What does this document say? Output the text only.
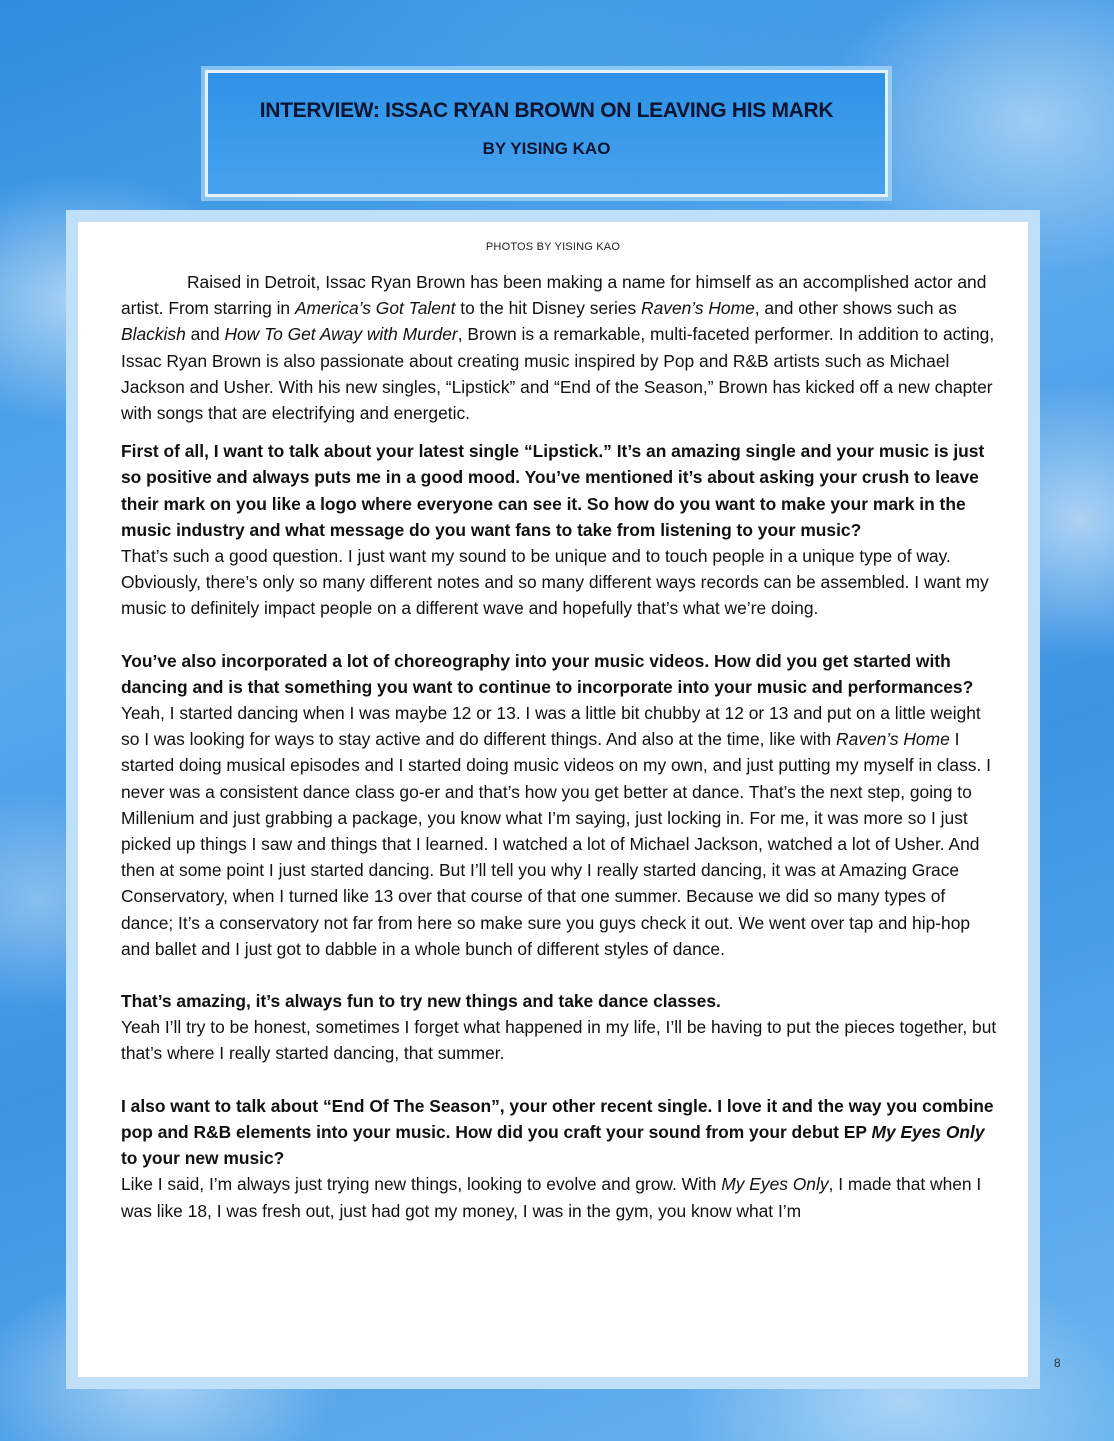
INTERVIEW: ISSAC RYAN BROWN ON LEAVING HIS MARK
BY YISING KAO
PHOTOS BY YISING KAO

Raised in Detroit, Issac Ryan Brown has been making a name for himself as an accomplished actor and artist. From starring in America’s Got Talent to the hit Disney series Raven’s Home, and other shows such as Blackish and How To Get Away with Murder, Brown is a remarkable, multi-faceted performer. In addition to acting, Issac Ryan Brown is also passionate about creating music inspired by Pop and R&B artists such as Michael Jackson and Usher. With his new singles, “Lipstick” and “End of the Season,” Brown has kicked off a new chapter with songs that are electrifying and energetic.

First of all, I want to talk about your latest single “Lipstick.” It’s an amazing single and your music is just so positive and always puts me in a good mood. You’ve mentioned it’s about asking your crush to leave their mark on you like a logo where everyone can see it. So how do you want to make your mark in the music industry and what message do you want fans to take from listening to your music?

That’s such a good question. I just want my sound to be unique and to touch people in a unique type of way. Obviously, there’s only so many different notes and so many different ways records can be assembled. I want my music to definitely impact people on a different wave and hopefully that’s what we’re doing.

You’ve also incorporated a lot of choreography into your music videos. How did you get started with dancing and is that something you want to continue to incorporate into your music and performances?

Yeah, I started dancing when I was maybe 12 or 13. I was a little bit chubby at 12 or 13 and put on a little weight so I was looking for ways to stay active and do different things. And also at the time, like with Raven’s Home I started doing musical episodes and I started doing music videos on my own, and just putting my myself in class. I never was a consistent dance class go-er and that’s how you get better at dance. That’s the next step, going to Millenium and just grabbing a package, you know what I’m saying, just locking in. For me, it was more so I just picked up things I saw and things that I learned. I watched a lot of Michael Jackson, watched a lot of Usher. And then at some point I just started dancing. But I’ll tell you why I really started dancing, it was at Amazing Grace Conservatory, when I turned like 13 over that course of that one summer. Because we did so many types of dance; It’s a conservatory not far from here so make sure you guys check it out. We went over tap and hip-hop and ballet and I just got to dabble in a whole bunch of different styles of dance.

That’s amazing, it’s always fun to try new things and take dance classes.

Yeah I’ll try to be honest, sometimes I forget what happened in my life, I’ll be having to put the pieces together, but that’s where I really started dancing, that summer.

I also want to talk about “End Of The Season”, your other recent single. I love it and the way you combine pop and R&B elements into your music. How did you craft your sound from your debut EP My Eyes Only to your new music?

Like I said, I’m always just trying new things, looking to evolve and grow. With My Eyes Only, I made that when I was like 18, I was fresh out, just had got my money, I was in the gym, you know what I’m

8
